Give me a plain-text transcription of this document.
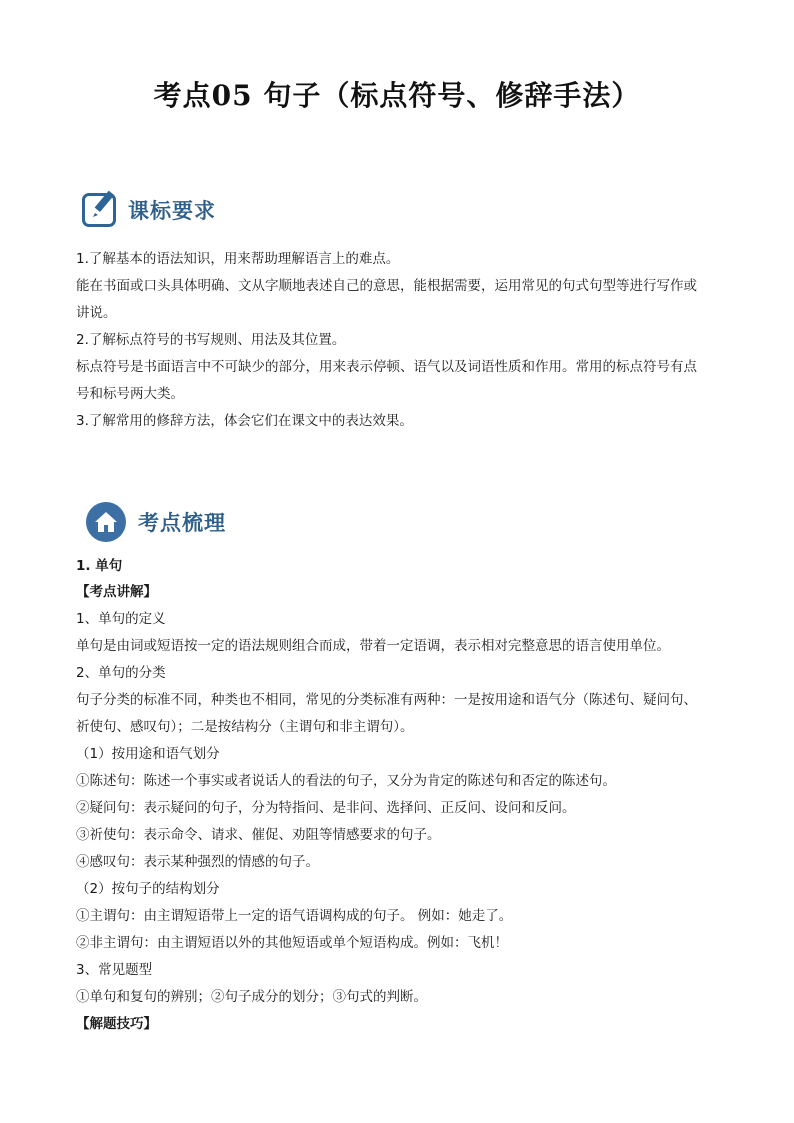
考点05 句子（标点符号、修辞手法）
课标要求
1.了解基本的语法知识，用来帮助理解语言上的难点。
能在书面或口头具体明确、文从字顺地表述自己的意思，能根据需要，运用常见的句式句型等进行写作或
讲说。
2.了解标点符号的书写规则、用法及其位置。
标点符号是书面语言中不可缺少的部分，用来表示停顿、语气以及词语性质和作用。常用的标点符号有点
号和标号两大类。
3.了解常用的修辞方法，体会它们在课文中的表达效果。
考点梳理
1. 单句
【考点讲解】
1、单句的定义
单句是由词或短语按一定的语法规则组合而成，带着一定语调，表示相对完整意思的语言使用单位。
2、单句的分类
句子分类的标准不同，种类也不相同，常见的分类标准有两种：一是按用途和语气分（陈述句、疑问句、
祈使句、感叹句）；二是按结构分（主谓句和非主谓句）。
（1）按用途和语气划分
①陈述句：陈述一个事实或者说话人的看法的句子，又分为肯定的陈述句和否定的陈述句。
②疑问句：表示疑问的句子，分为特指问、是非问、选择问、正反问、设问和反问。
③祈使句：表示命令、请求、催促、劝阻等情感要求的句子。
④感叹句：表示某种强烈的情感的句子。
（2）按句子的结构划分
①主谓句：由主谓短语带上一定的语气语调构成的句子。 例如：她走了。
②非主谓句：由主谓短语以外的其他短语或单个短语构成。例如：飞机！
3、常见题型
①单句和复句的辨别；②句子成分的划分；③句式的判断。
【解题技巧】
